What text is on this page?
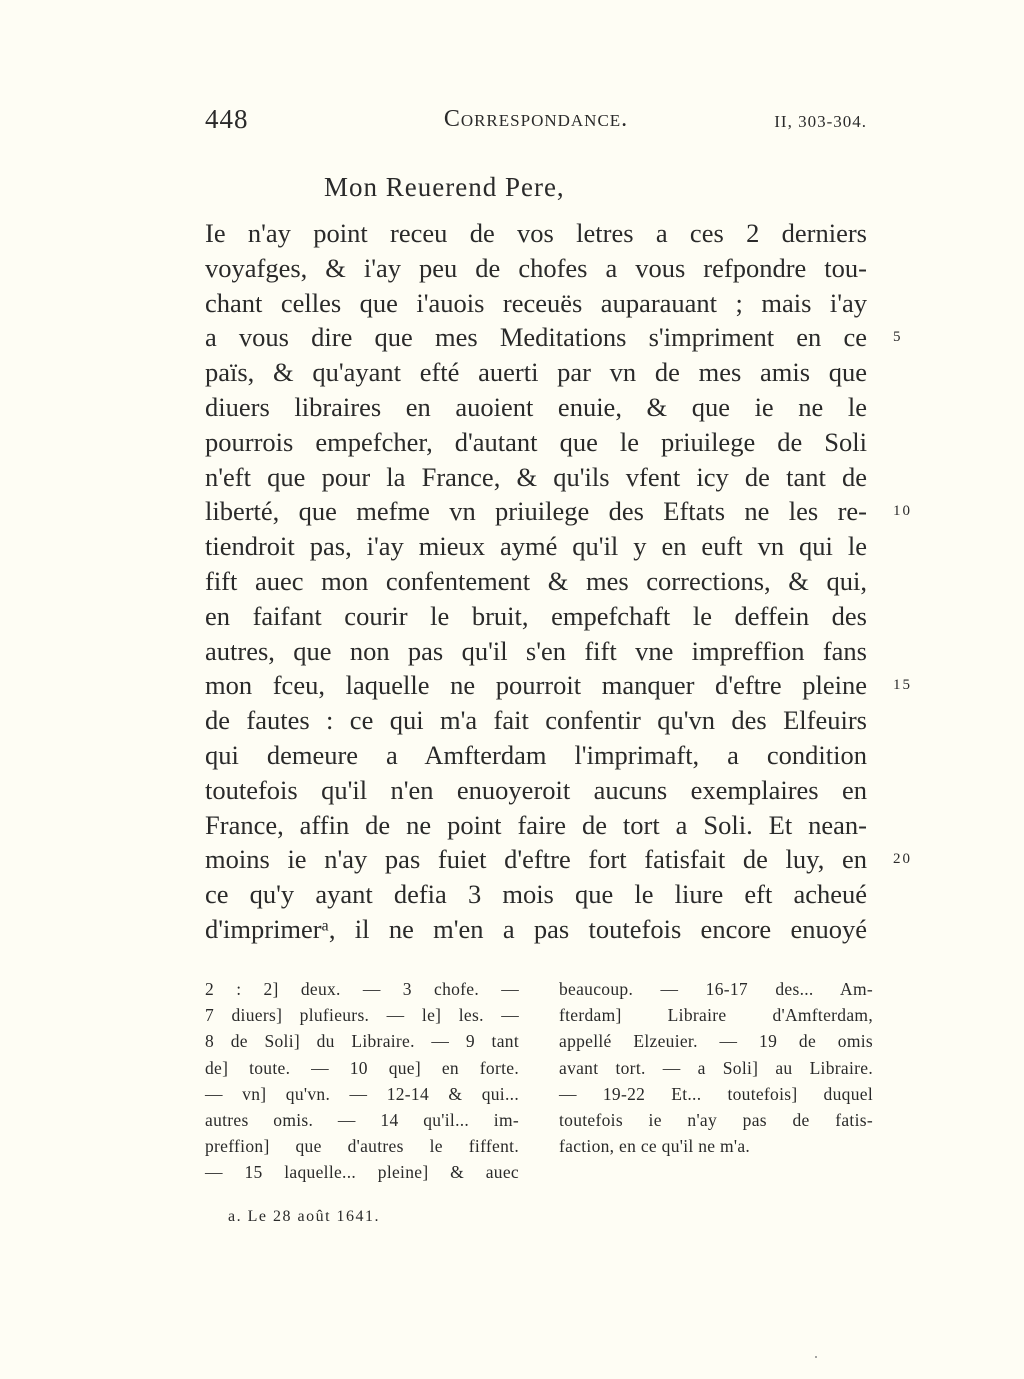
448	Correspondance.	II, 303-304.
Mon Reuerend Pere,
Ie n'ay point receu de vos letres a ces 2 derniers
voyafges, & i'ay peu de chofes a vous refpondre tou-
chant celles que i'auois receuës auparauant ; mais i'ay
a vous dire que mes Meditations s'impriment en ce 5
païs, & qu'ayant efté auerti par vn de mes amis que
diuers libraires en auoient enuie, & que ie ne le
pourrois empefcher, d'autant que le priuilege de Soli
n'eft que pour la France, & qu'ils vfent icy de tant de
liberté, que mefme vn priuilege des Eftats ne les re- 10
tiendroit pas, i'ay mieux aymé qu'il y en euft vn qui le
fift auec mon confentement & mes corrections, & qui,
en faifant courir le bruit, empefchaft le deffein des
autres, que non pas qu'il s'en fift vne impreffion fans
mon fceu, laquelle ne pourroit manquer d'eftre pleine 15
de fautes : ce qui m'a fait confentir qu'vn des Elfeuirs
qui demeure a Amfterdam l'imprimaft, a condition
toutefois qu'il n'en enuoyeroit aucuns exemplaires en
France, affin de ne point faire de tort a Soli. Et nean-
moins ie n'ay pas fuiet d'eftre fort fatisfait de luy, en 20
ce qu'y ayant defia 3 mois que le liure eft acheué
d'imprimerᵃ, il ne m'en a pas toutefois encore enuoyé
2 : 2] deux. — 3 chofe. —
7 diuers] plufieurs. — le] les. —
8 de Soli] du Libraire. — 9 tant
de] toute. — 10 que] en forte.
— vn] qu'vn. — 12-14 & qui...
autres omis. — 14 qu'il... im-
preffion] que d'autres le fiffent.
— 15 laquelle... pleine] & auec
beaucoup. — 16-17 des... Am-
fterdam] Libraire d'Amfterdam,
appellé Elzeuier. — 19 de omis
avant tort. — a Soli] au Libraire.
— 19-22 Et... toutefois] duquel
toutefois ie n'ay pas de fatis-
faction, en ce qu'il ne m'a.
a. Le 28 août 1641.
